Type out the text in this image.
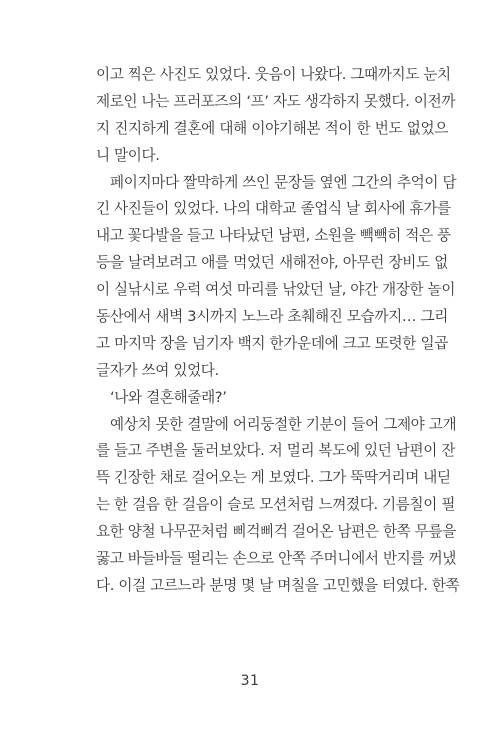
이고 찍은 사진도 있었다. 웃음이 나왔다. 그때까지도 눈치
제로인 나는 프러포즈의 ‘프’ 자도 생각하지 못했다. 이전까
지 진지하게 결혼에 대해 이야기해본 적이 한 번도 없었으
니 말이다.
페이지마다 짤막하게 쓰인 문장들 옆엔 그간의 추억이 담
긴 사진들이 있었다. 나의 대학교 졸업식 날 회사에 휴가를
내고 꽃다발을 들고 나타났던 남편, 소원을 빽빽히 적은 풍
등을 날려보려고 애를 먹었던 새해전야, 아무런 장비도 없
이 실낚시로 우럭 여섯 마리를 낚았던 날, 야간 개장한 놀이
동산에서 새벽 3시까지 노느라 초췌해진 모습까지… 그리
고 마지막 장을 넘기자 백지 한가운데에 크고 또렷한 일곱
글자가 쓰여 있었다.
‘나와 결혼해줄래?’
예상치 못한 결말에 어리둥절한 기분이 들어 그제야 고개
를 들고 주변을 둘러보았다. 저 멀리 복도에 있던 남편이 잔
뜩 긴장한 채로 걸어오는 게 보였다. 그가 뚝딱거리며 내딛
는 한 걸음 한 걸음이 슬로 모션처럼 느껴졌다. 기름칠이 필
요한 양철 나무꾼처럼 삐걱삐걱 걸어온 남편은 한쪽 무릎을
꿇고 바들바들 떨리는 손으로 안쪽 주머니에서 반지를 꺼냈
다. 이걸 고르느라 분명 몇 날 며칠을 고민했을 터였다. 한쪽
31
